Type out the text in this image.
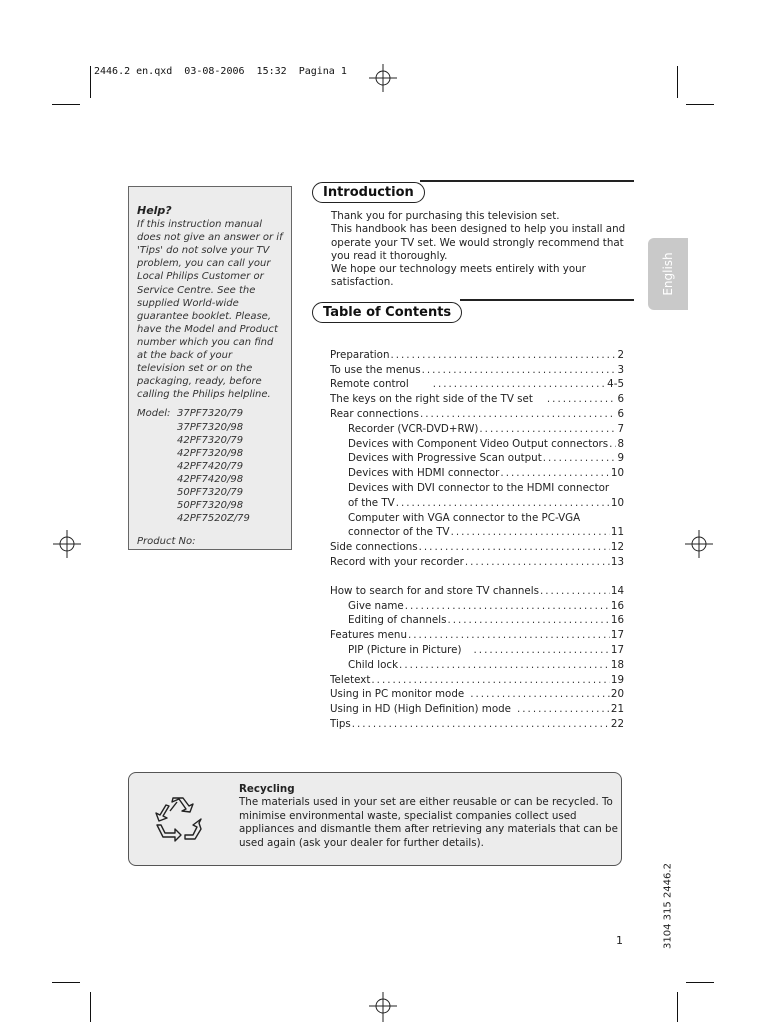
2446.2 en.qxd  03-08-2006  15:32  Pagina 1
Help?
If this instruction manual does not give an answer or if 'Tips' do not solve your TV problem, you can call your Local Philips Customer or Service Centre. See the supplied World-wide guarantee booklet. Please, have the Model and Product number which you can find at the back of your television set or on the packaging, ready, before calling the Philips helpline.
Model: 37PF7320/79
37PF7320/98
42PF7320/79
42PF7320/98
42PF7420/79
42PF7420/98
50PF7320/79
50PF7320/98
42PF7520Z/79
Product No:
Introduction
Thank you for purchasing this television set.
This handbook has been designed to help you install and operate your TV set. We would strongly recommend that you read it thoroughly.
We hope our technology meets entirely with your satisfaction.
Table of Contents
Preparation .....	2
To use the menus .....	3
Remote control .....	4-5
The keys on the right side of the TV set .....	6
Rear connections .....	6
Recorder (VCR-DVD+RW) .....	7
Devices with Component Video Output connectors ..... 8
Devices with Progressive Scan output .....	9
Devices with HDMI connector .....	10
Devices with DVI connector to the HDMI connector
of the TV .....	10
Computer with VGA connector to the PC-VGA
connector of the TV .....	11
Side connections .....	12
Record with your recorder .....	13
How to search for and store TV channels .....	14
Give name .....	16
Editing of channels .....	16
Features menu .....	17
PIP (Picture in Picture) .....	17
Child lock .....	18
Teletext .....	19
Using in PC monitor mode .....	20
Using in HD (High Definition) mode .....	21
Tips .....	22
English
Recycling
The materials used in your set are either reusable or can be recycled. To minimise environmental waste, specialist companies collect used appliances and dismantle them after retrieving any materials that can be used again (ask your dealer for further details).
3104 315 2446.2
1
